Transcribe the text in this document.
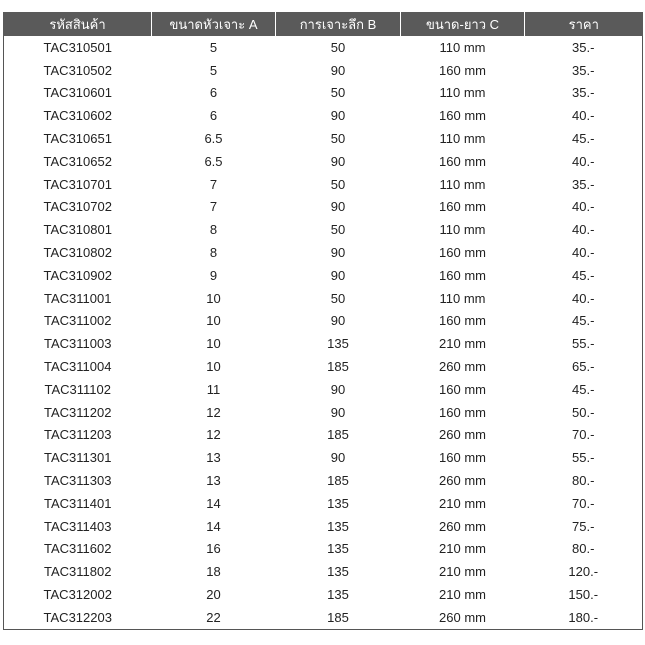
รหัสสินค้า	ขนาดหัวเจาะ A	การเจาะลึก B	ขนาด-ยาว C	ราคา
TAC310501	5	50	110 mm	35.-
TAC310502	5	90	160 mm	35.-
TAC310601	6	50	110 mm	35.-
TAC310602	6	90	160 mm	40.-
TAC310651	6.5	50	110 mm	45.-
TAC310652	6.5	90	160 mm	40.-
TAC310701	7	50	110 mm	35.-
TAC310702	7	90	160 mm	40.-
TAC310801	8	50	110 mm	40.-
TAC310802	8	90	160 mm	40.-
TAC310902	9	90	160 mm	45.-
TAC311001	10	50	110 mm	40.-
TAC311002	10	90	160 mm	45.-
TAC311003	10	135	210 mm	55.-
TAC311004	10	185	260 mm	65.-
TAC311102	11	90	160 mm	45.-
TAC311202	12	90	160 mm	50.-
TAC311203	12	185	260 mm	70.-
TAC311301	13	90	160 mm	55.-
TAC311303	13	185	260 mm	80.-
TAC311401	14	135	210 mm	70.-
TAC311403	14	135	260 mm	75.-
TAC311602	16	135	210 mm	80.-
TAC311802	18	135	210 mm	120.-
TAC312002	20	135	210 mm	150.-
TAC312203	22	185	260 mm	180.-
